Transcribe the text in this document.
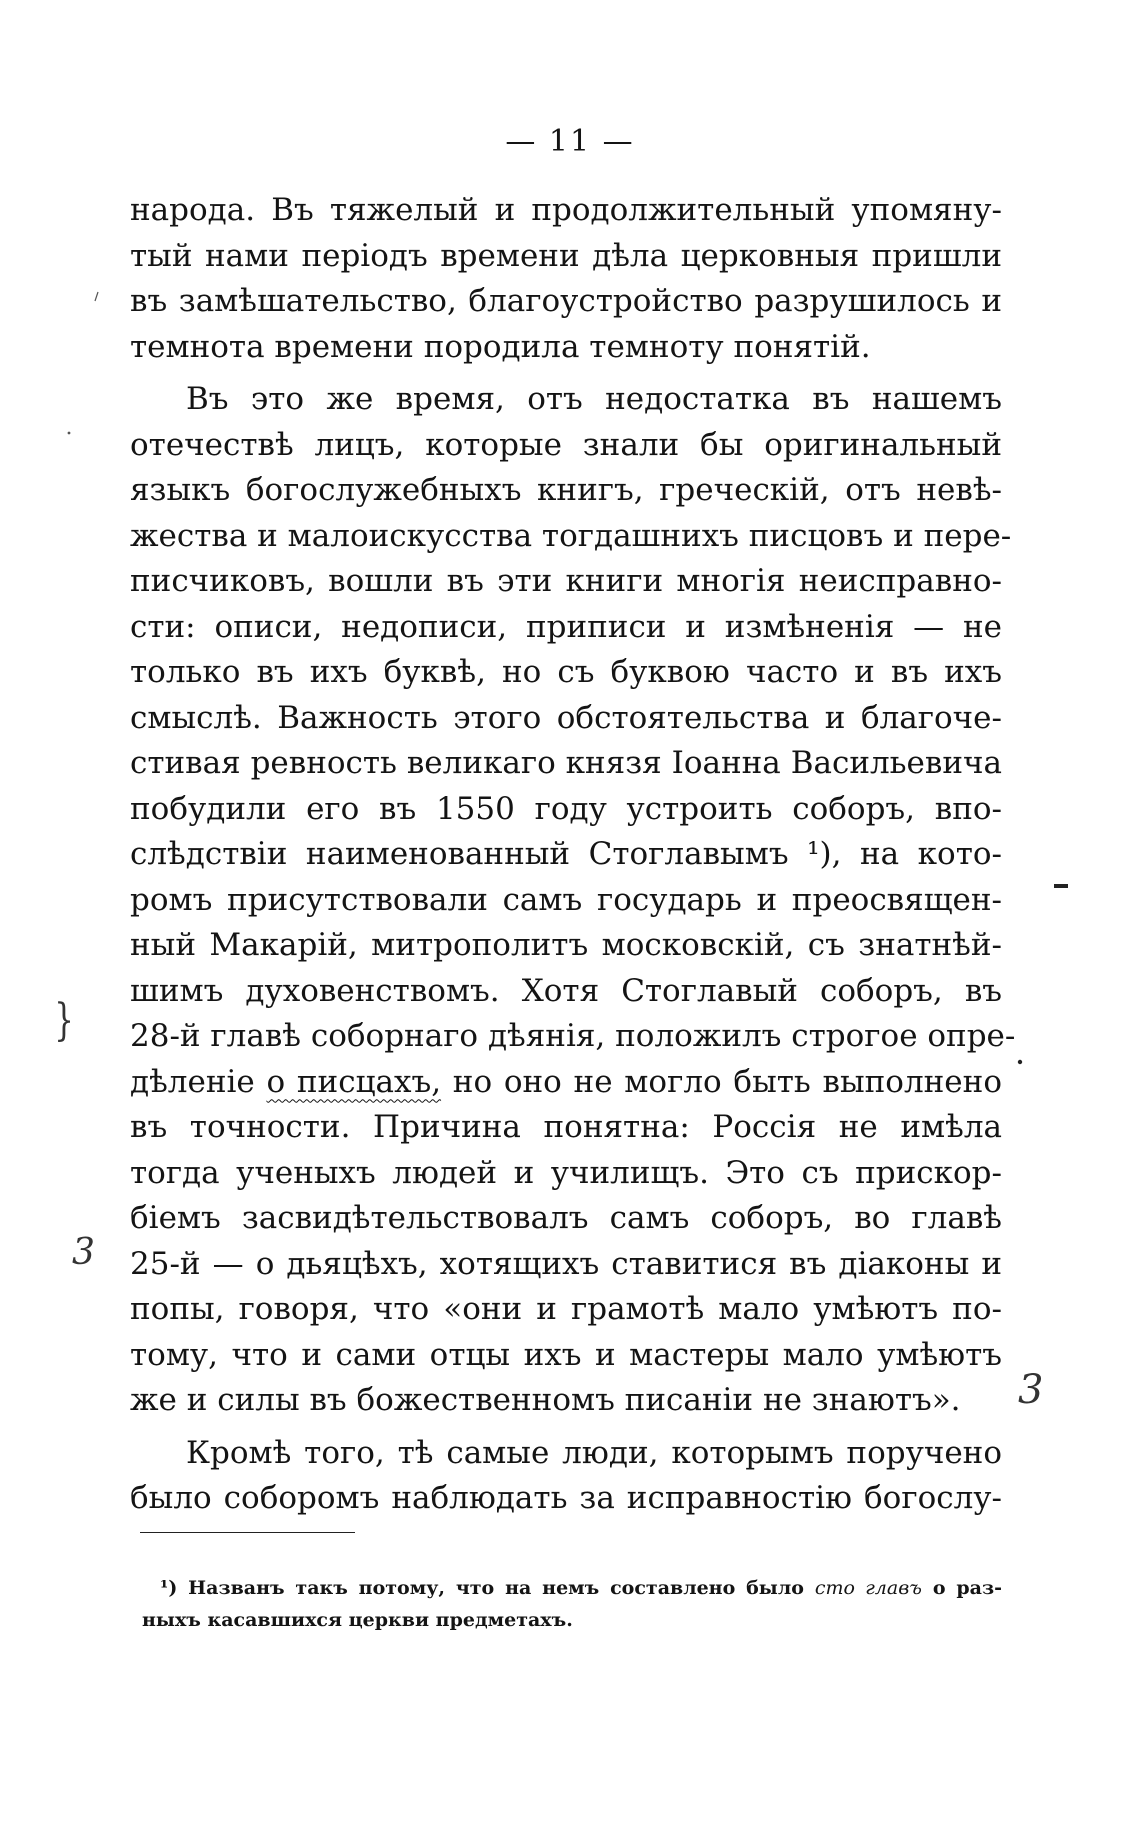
— 11 —
народа. Въ тяжелый и продолжительный упомяну-
тый нами періодъ времени дѣла церковныя пришли
въ замѣшательство, благоустройство разрушилось и
темнота времени породила темноту понятій.
Въ это же время, отъ недостатка въ нашемъ
отечествѣ лицъ, которые знали бы оригинальный
языкъ богослужебныхъ книгъ, греческій, отъ невѣ-
жества и малоискусства тогдашнихъ писцовъ и пере-
писчиковъ, вошли въ эти книги многія неисправно-
сти: описи, недописи, приписи и измѣненія — не
только въ ихъ буквѣ, но съ буквою часто и въ ихъ
смыслѣ. Важность этого обстоятельства и благоче-
стивая ревность великаго князя Іоанна Васильевича
побудили его въ 1550 году устроить соборъ, впо-
слѣдствіи наименованный Стоглавымъ ¹), на кото-
ромъ присутствовали самъ государь и преосвящен-
ный Макарій, митрополитъ московскій, съ знатнѣй-
шимъ духовенствомъ. Хотя Стоглавый соборъ, въ
28-й главѣ соборнаго дѣянія, положилъ строгое опре-
дѣленіе о писцахъ, но оно не могло быть выполнено
въ точности. Причина понятна: Россія не имѣла
тогда ученыхъ людей и училищъ. Это съ прискор-
біемъ засвидѣтельствовалъ самъ соборъ, во главѣ
25-й — о дьяцѣхъ, хотящихъ ставитися въ діаконы и
попы, говоря, что «они и грамотѣ мало умѣютъ по-
тому, что и сами отцы ихъ и мастеры мало умѣютъ
же и силы въ божественномъ писаніи не знаютъ».
Кромѣ того, тѣ самые люди, которымъ поручено
было соборомъ наблюдать за исправностію богослу-
¹) Названъ такъ потому, что на немъ составлено было сто главъ о раз-
ныхъ касавшихся церкви предметахъ.
}
3
3
